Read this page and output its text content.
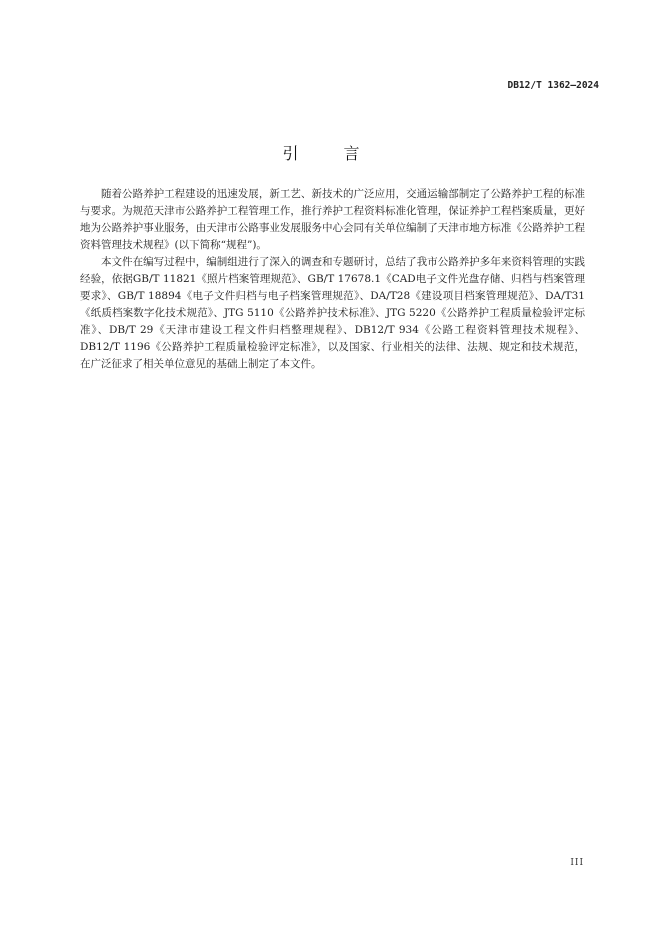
DB12/T 1362—2024
引 言

随着公路养护工程建设的迅速发展，新工艺、新技术的广泛应用，交通运输部制定了公路养护工程的标准与要求。为规范天津市公路养护工程管理工作，推行养护工程资料标准化管理，保证养护工程档案质量，更好地为公路养护事业服务，由天津市公路事业发展服务中心会同有关单位编制了天津市地方标准《公路养护工程资料管理技术规程》(以下简称“规程”)。

本文件在编写过程中，编制组进行了深入的调查和专题研讨，总结了我市公路养护多年来资料管理的实践经验，依据GB/T 11821《照片档案管理规范》、GB/T 17678.1《CAD电子文件光盘存储、归档与档案管理要求》、GB/T 18894《电子文件归档与电子档案管理规范》、DA/T28《建设项目档案管理规范》、DA/T31《纸质档案数字化技术规范》、JTG 5110《公路养护技术标准》、JTG 5220《公路养护工程质量检验评定标准》、DB/T 29《天津市建设工程文件归档整理规程》、DB12/T 934《公路工程资料管理技术规程》、DB12/T 1196《公路养护工程质量检验评定标准》，以及国家、行业相关的法律、法规、规定和技术规范，在广泛征求了相关单位意见的基础上制定了本文件。

III
